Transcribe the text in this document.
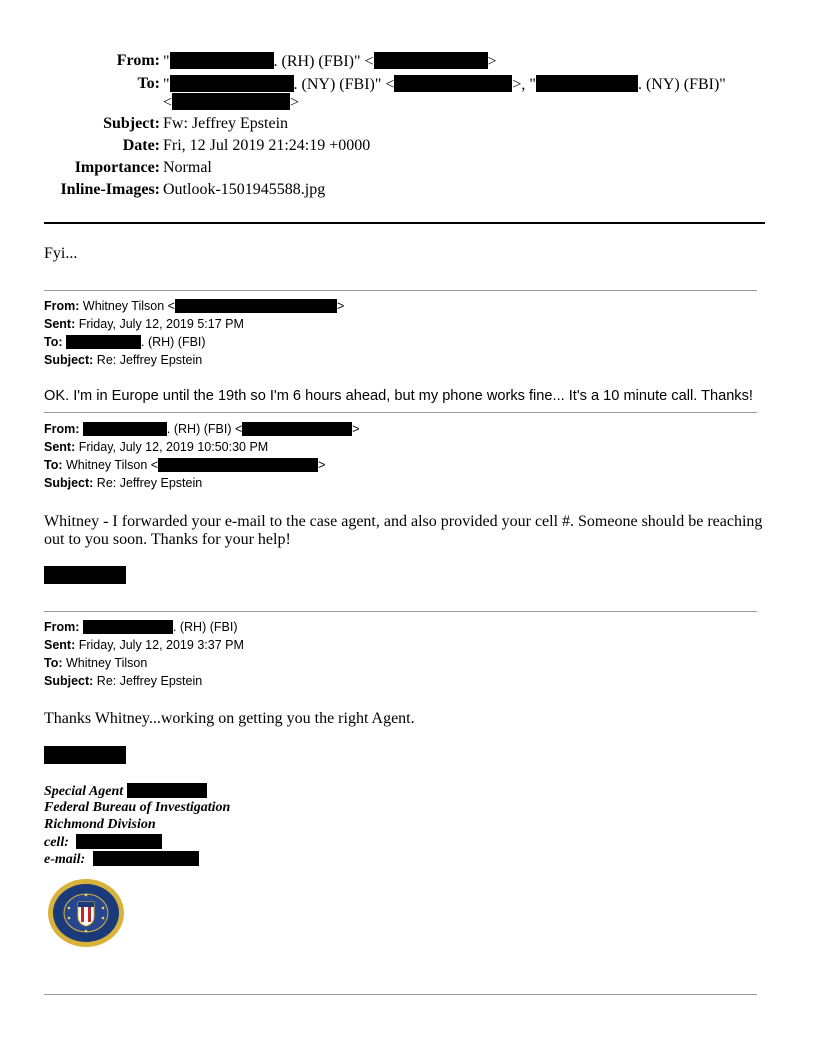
From: "	. (RH) (FBI)" <	>
To: "	. (NY) (FBI)" <	>, "	. (NY) (FBI)"
<	>
Subject: Fw: Jeffrey Epstein
Date: Fri, 12 Jul 2019 21:24:19 +0000
Importance: Normal
Inline-Images: Outlook-1501945588.jpg
Fyi...
From: Whitney Tilson <	>
Sent: Friday, July 12, 2019 5:17 PM
To:	. (RH) (FBI)
Subject: Re: Jeffrey Epstein
OK. I'm in Europe until the 19th so I'm 6 hours ahead, but my phone works fine... It's a 10 minute call. Thanks!
From:	. (RH) (FBI) <	>
Sent: Friday, July 12, 2019 10:50:30 PM
To: Whitney Tilson <	>
Subject: Re: Jeffrey Epstein
Whitney - I forwarded your e-mail to the case agent, and also provided your cell #. Someone should be reaching
out to you soon. Thanks for your help!
From:	. (RH) (FBI)
Sent: Friday, July 12, 2019 3:37 PM
To: Whitney Tilson
Subject: Re: Jeffrey Epstein
Thanks Whitney...working on getting you the right Agent.
Special Agent
Federal Bureau of Investigation
Richmond Division
cell:
e-mail:
